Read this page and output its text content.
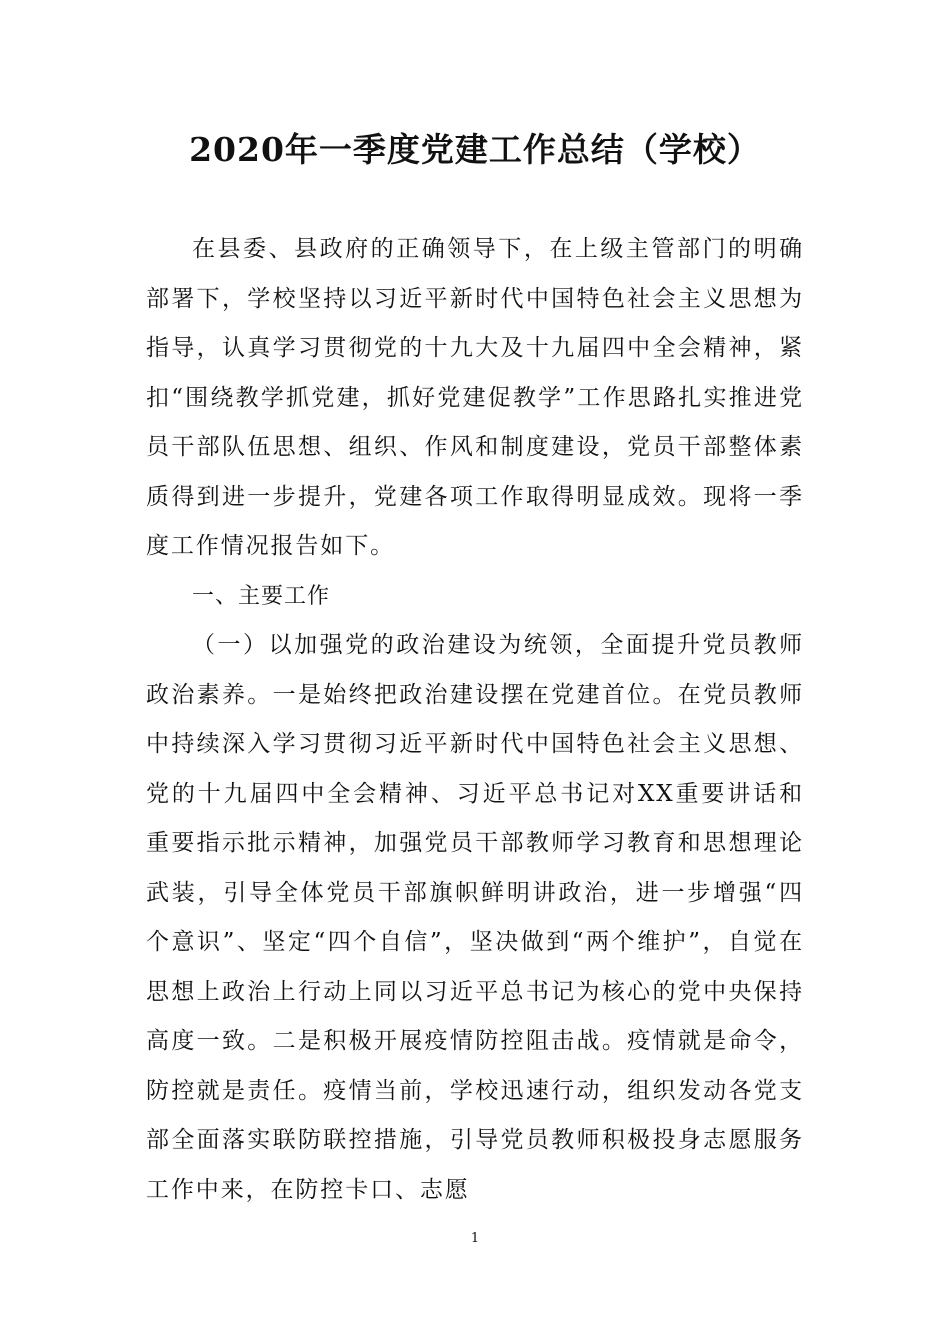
2020年一季度党建工作总结（学校）

在县委、县政府的正确领导下，在上级主管部门的明确部署下，学校坚持以习近平新时代中国特色社会主义思想为指导，认真学习贯彻党的十九大及十九届四中全会精神，紧扣“围绕教学抓党建，抓好党建促教学”工作思路扎实推进党员干部队伍思想、组织、作风和制度建设，党员干部整体素质得到进一步提升，党建各项工作取得明显成效。现将一季度工作情况报告如下。

一、主要工作

（一）以加强党的政治建设为统领，全面提升党员教师政治素养。一是始终把政治建设摆在党建首位。在党员教师中持续深入学习贯彻习近平新时代中国特色社会主义思想、党的十九届四中全会精神、习近平总书记对XX重要讲话和重要指示批示精神，加强党员干部教师学习教育和思想理论武装，引导全体党员干部旗帜鲜明讲政治，进一步增强“四个意识”、坚定“四个自信”，坚决做到“两个维护”，自觉在思想上政治上行动上同以习近平总书记为核心的党中央保持高度一致。二是积极开展疫情防控阻击战。疫情就是命令，防控就是责任。疫情当前，学校迅速行动，组织发动各党支部全面落实联防联控措施，引导党员教师积极投身志愿服务工作中来，在防控卡口、志愿

1
